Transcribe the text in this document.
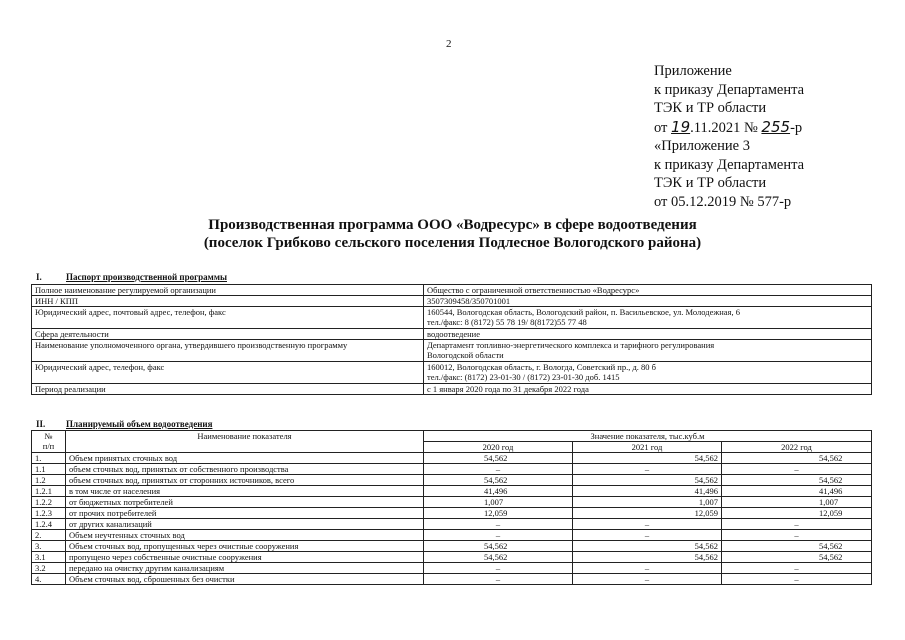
2
Приложение
к приказу Департамента
ТЭК и ТР области
от 19.11.2021 № 255-р
«Приложение 3
к приказу Департамента
ТЭК и ТР области
от 05.12.2019 № 577-р
Производственная программа ООО «Водресурс» в сфере водоотведения
(поселок Грибково сельского поселения Подлесное Вологодского района)
I.	Паспорт производственной программы
Полное наименование регулируемой организации	Общество с ограниченной ответственностью «Водресурс»
ИНН / КПП	3507309458/350701001
Юридический адрес, почтовый адрес, телефон, факс	160544, Вологодская область, Вологодский район, п. Васильевское, ул. Молодежная, 6
тел./факс: 8 (8172) 55 78 19/ 8(8172)55 77 48
Сфера деятельности	водоотведение
Наименование уполномоченного органа, утвердившего производственную программу	Департамент топливно-энергетического комплекса и тарифного регулирования
Вологодской области
Юридический адрес, телефон, факс	160012, Вологодская область, г. Вологда, Советский пр., д. 80 б
тел./факс: (8172) 23-01-30 / (8172) 23-01-30 доб. 1415
Период реализации	с 1 января 2020 года по 31 декабря 2022 года
II. Планируемый объем водоотведения
№
п/п	Наименование показателя	Значение показателя, тыс.куб.м		
		2020 год	2021 год	2022 год
1.	Объем принятых сточных вод	54,562	54,562	54,562
1.1	объем сточных вод, принятых от собственного производства	–	–	–
1.2	объем сточных вод, принятых от сторонних источников, всего	54,562	54,562	54,562
1.2.1	в том числе от населения	41,496	41,496	41,496
1.2.2	от бюджетных потребителей	1,007	1,007	1,007
1.2.3	от прочих потребителей	12,059	12,059	12,059
1.2.4	от других канализаций	–	–	–
2.	Объем неучтенных сточных вод	–	–	–
3.	Объем сточных вод, пропущенных через очистные сооружения	54,562	54,562	54,562
3.1	пропущено через собственные очистные сооружения	54,562	54,562	54,562
3.2	передано на очистку другим канализациям	–	–	–
4.	Объем сточных вод, сброшенных без очистки	–	–	–
